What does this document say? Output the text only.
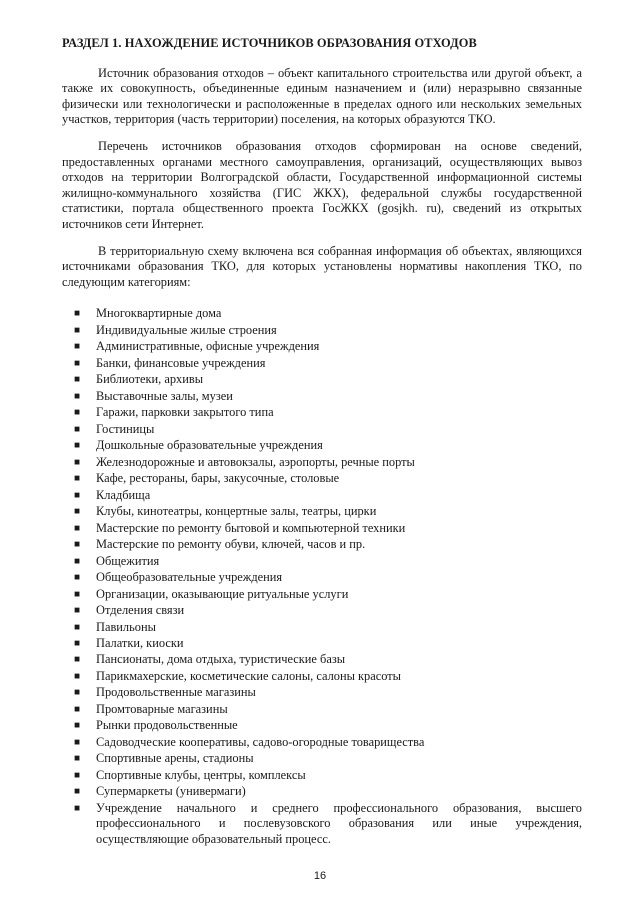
РАЗДЕЛ 1. НАХОЖДЕНИЕ ИСТОЧНИКОВ ОБРАЗОВАНИЯ ОТХОДОВ

Источник образования отходов – объект капитального строительства или другой объект, а также их совокупность, объединенные единым назначением и (или) неразрывно связанные физически или технологически и расположенные в пределах одного или нескольких земельных участков, территория (часть территории) поселения, на которых образуются ТКО.

Перечень источников образования отходов сформирован на основе сведений, предоставленных органами местного самоуправления, организаций, осуществляющих вывоз отходов на территории Волгоградской области, Государственной информационной системы жилищно-коммунального хозяйства (ГИС ЖКХ), федеральной службы государственной статистики, портала общественного проекта ГосЖКХ (gosjkh. ru), сведений из открытых источников сети Интернет.

В территориальную схему включена вся собранная информация об объектах, являющихся источниками образования ТКО, для которых установлены нормативы накопления ТКО, по следующим категориям:

■ Многоквартирные дома
■ Индивидуальные жилые строения
■ Административные, офисные учреждения
■ Банки, финансовые учреждения
■ Библиотеки, архивы
■ Выставочные залы, музеи
■ Гаражи, парковки закрытого типа
■ Гостиницы
■ Дошкольные образовательные учреждения
■ Железнодорожные и автовокзалы, аэропорты, речные порты
■ Кафе, рестораны, бары, закусочные, столовые
■ Кладбища
■ Клубы, кинотеатры, концертные залы, театры, цирки
■ Мастерские по ремонту бытовой и компьютерной техники
■ Мастерские по ремонту обуви, ключей, часов и пр.
■ Общежития
■ Общеобразовательные учреждения
■ Организации, оказывающие ритуальные услуги
■ Отделения связи
■ Павильоны
■ Палатки, киоски
■ Пансионаты, дома отдыха, туристические базы
■ Парикмахерские, косметические салоны, салоны красоты
■ Продовольственные магазины
■ Промтоварные магазины
■ Рынки продовольственные
■ Садоводческие кооперативы, садово-огородные товарищества
■ Спортивные арены, стадионы
■ Спортивные клубы, центры, комплексы
■ Супермаркеты (универмаги)
■ Учреждение начального и среднего профессионального образования, высшего профессионального и послевузовского образования или иные учреждения, осуществляющие образовательный процесс.
16
